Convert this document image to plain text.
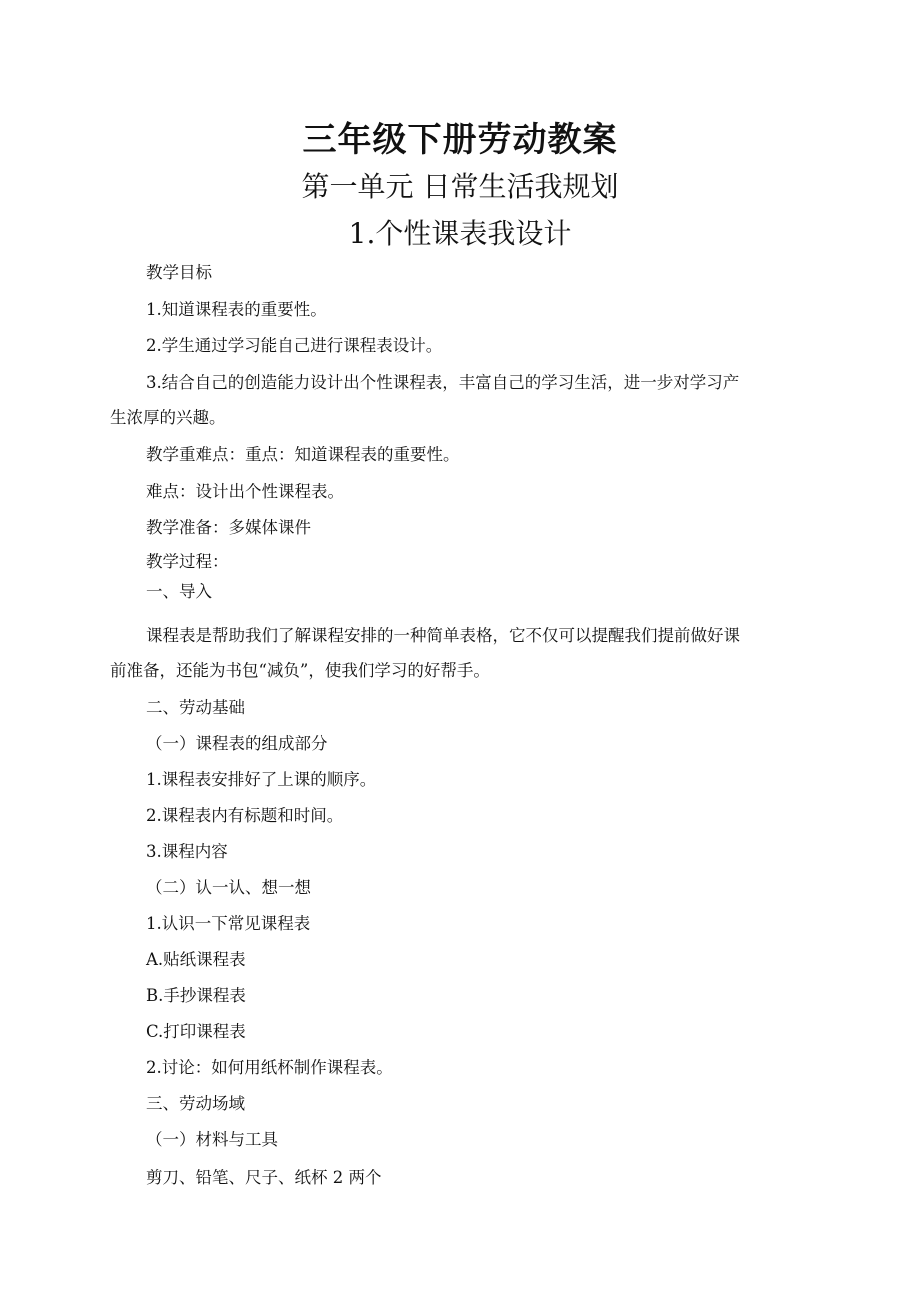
三年级下册劳动教案
第一单元 日常生活我规划
1.个性课表我设计

教学目标

1.知道课程表的重要性。

2.学生通过学习能自己进行课程表设计。

3.结合自己的创造能力设计出个性课程表，丰富自己的学习生活，进一步对学习产

生浓厚的兴趣。

教学重难点：重点：知道课程表的重要性。

难点：设计出个性课程表。

教学准备：多媒体课件

教学过程：

一、导入

课程表是帮助我们了解课程安排的一种简单表格，它不仅可以提醒我们提前做好课

前准备，还能为书包“减负”，使我们学习的好帮手。

二、劳动基础

（一）课程表的组成部分

1.课程表安排好了上课的顺序。

2.课程表内有标题和时间。

3.课程内容

（二）认一认、想一想

1.认识一下常见课程表

A.贴纸课程表

B.手抄课程表

C.打印课程表

2.讨论：如何用纸杯制作课程表。

三、劳动场域

（一）材料与工具

剪刀、铅笔、尺子、纸杯 2 两个
